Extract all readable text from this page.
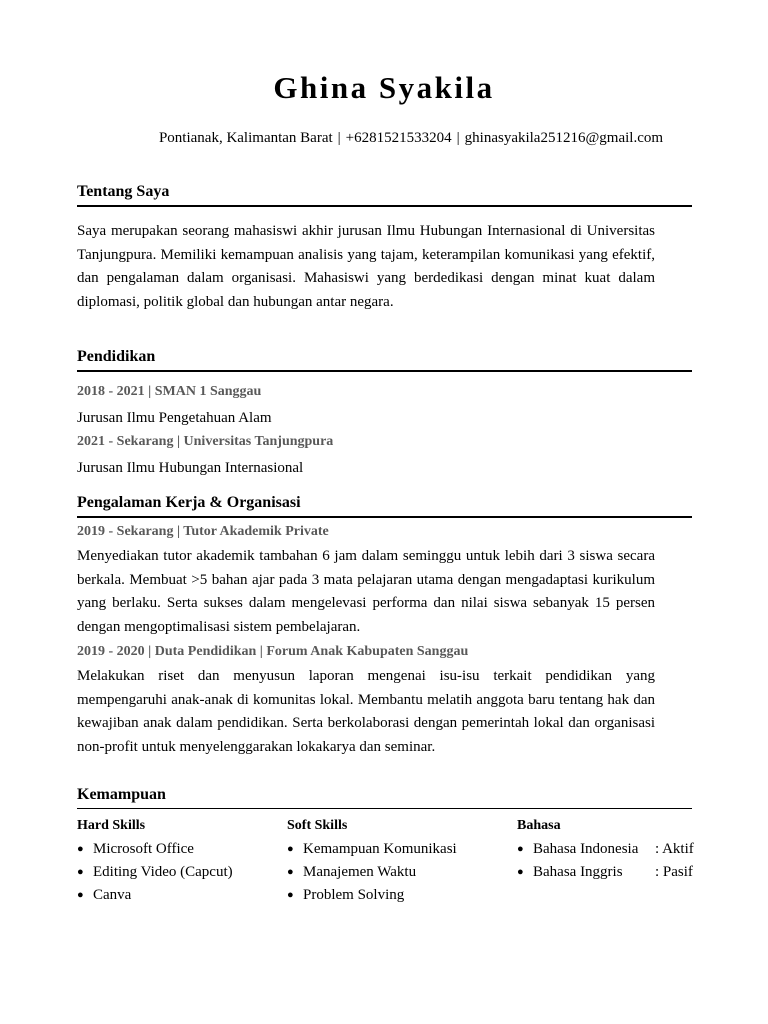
Ghina Syakila
Pontianak, Kalimantan Barat | +6281521533204 | ghinasyakila251216@gmail.com
Tentang Saya

Saya merupakan seorang mahasiswi akhir jurusan Ilmu Hubungan Internasional di Universitas Tanjungpura. Memiliki kemampuan analisis yang tajam, keterampilan komunikasi yang efektif, dan pengalaman dalam organisasi. Mahasiswi yang berdedikasi dengan minat kuat dalam diplomasi, politik global dan hubungan antar negara.

Pendidikan
2018 - 2021 | SMAN 1 Sanggau
Jurusan Ilmu Pengetahuan Alam
2021 - Sekarang | Universitas Tanjungpura
Jurusan Ilmu Hubungan Internasional
Pengalaman Kerja & Organisasi
2019 - Sekarang | Tutor Akademik Private

Menyediakan tutor akademik tambahan 6 jam dalam seminggu untuk lebih dari 3 siswa secara berkala. Membuat >5 bahan ajar pada 3 mata pelajaran utama dengan mengadaptasi kurikulum yang berlaku. Serta sukses dalam mengelevasi performa dan nilai siswa sebanyak 15 persen dengan mengoptimalisasi sistem pembelajaran.

2019 - 2020 | Duta Pendidikan | Forum Anak Kabupaten Sanggau

Melakukan riset dan menyusun laporan mengenai isu-isu terkait pendidikan yang mempengaruhi anak-anak di komunitas lokal. Membantu melatih anggota baru tentang hak dan kewajiban anak dalam pendidikan. Serta berkolaborasi dengan pemerintah lokal dan organisasi non-profit untuk menyelenggarakan lokakarya dan seminar.

Kemampuan
Hard Skills
● Microsoft Office
● Editing Video (Capcut)
● Canva
Soft Skills
● Kemampuan Komunikasi
● Manajemen Waktu
● Problem Solving
Bahasa
● Bahasa Indonesia : Aktif
● Bahasa Inggris : Pasif
